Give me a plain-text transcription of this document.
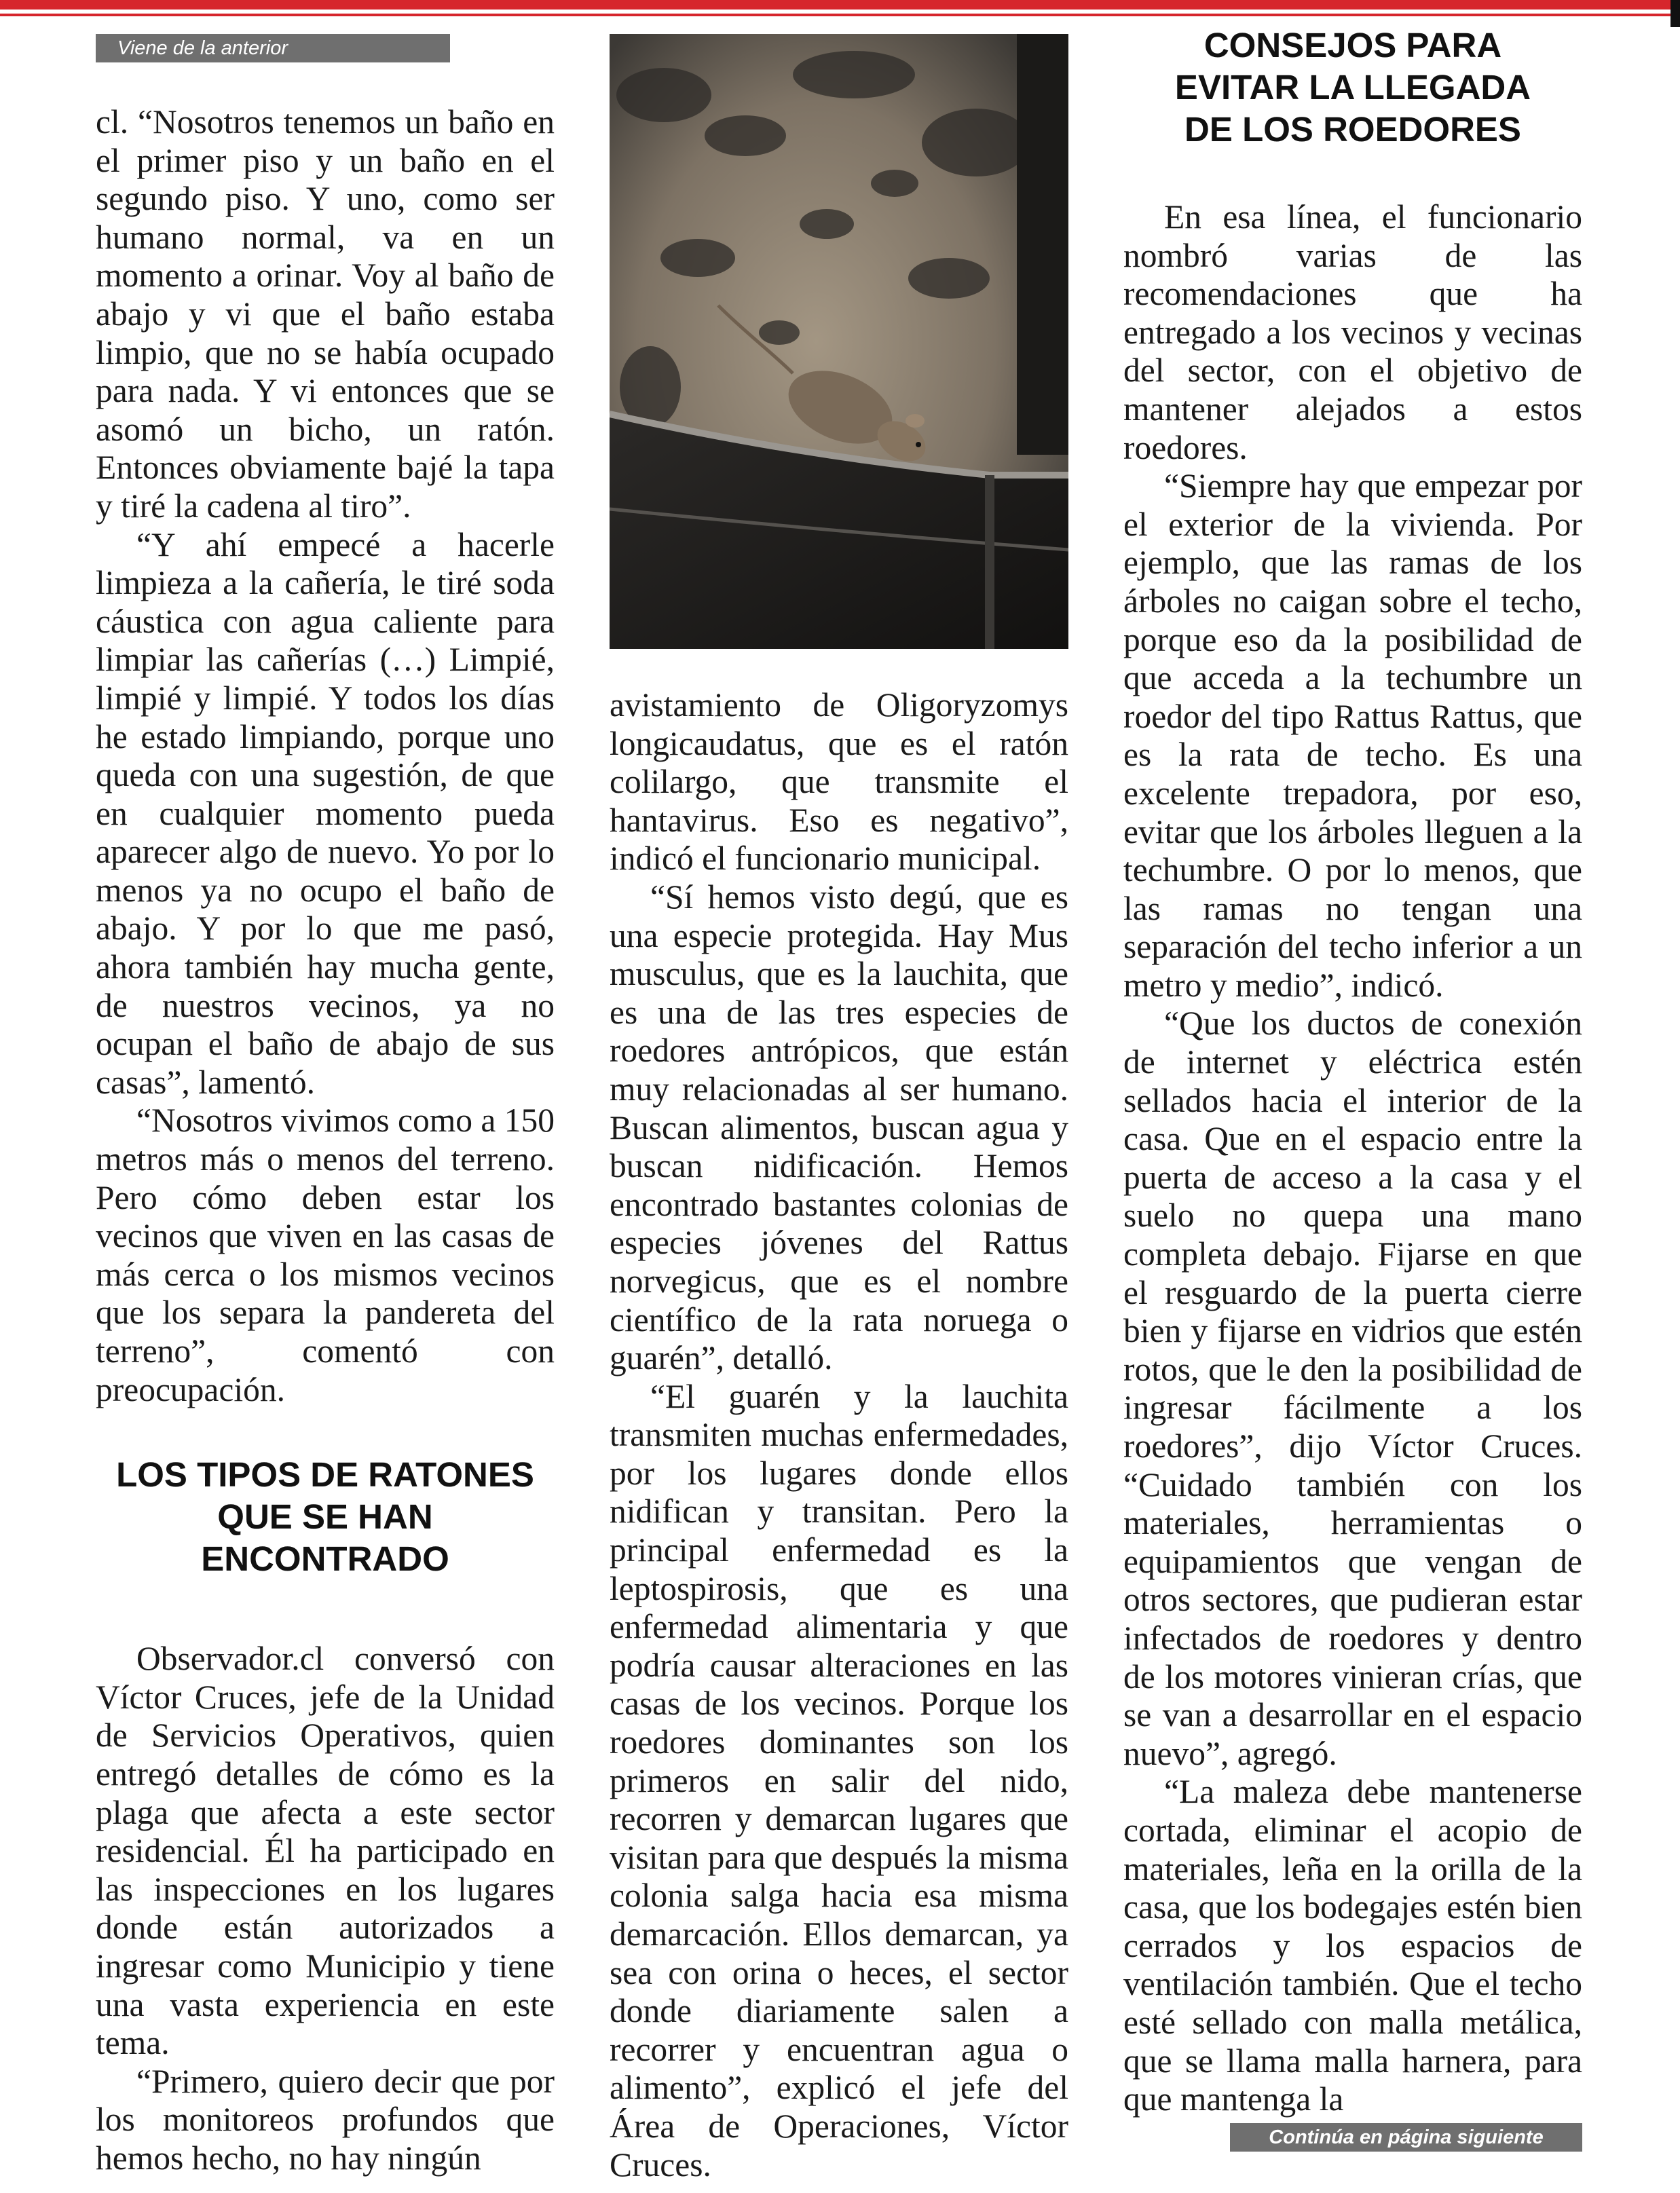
Viene de la anterior

cl. “Nosotros tenemos un baño en el primer piso y un baño en el segundo piso. Y uno, como ser humano normal, va en un momento a orinar. Voy al baño de abajo y vi que el baño estaba limpio, que no se había ocupado para nada. Y vi entonces que se asomó un bicho, un ratón. Entonces obviamente bajé la tapa y tiré la cadena al tiro”.

“Y ahí empecé a hacerle limpieza a la cañería, le tiré soda cáustica con agua caliente para limpiar las cañerías (…) Limpié, limpié y limpié. Y todos los días he estado limpiando, porque uno queda con una sugestión, de que en cualquier momento pueda aparecer algo de nuevo. Yo por lo menos ya no ocupo el baño de abajo. Y por lo que me pasó, ahora también hay mucha gente, de nuestros vecinos, ya no ocupan el baño de abajo de sus casas”, lamentó.

“Nosotros vivimos como a 150 metros más o menos del terreno. Pero cómo deben estar los vecinos que viven en las casas de más cerca o los mismos vecinos que los separa la pandereta del terreno”, comentó con preocupación.

LOS TIPOS DE RATONES QUE SE HAN ENCONTRADO

Observador.cl conversó con Víctor Cruces, jefe de la Unidad de Servicios Operativos, quien entregó detalles de cómo es la plaga que afecta a este sector residencial. Él ha participado en las inspecciones en los lugares donde están autorizados a ingresar como Municipio y tiene una vasta experiencia en este tema.

“Primero, quiero decir que por los monitoreos profundos que hemos hecho, no hay ningún

avistamiento de Oligoryzomys longicaudatus, que es el ratón colilargo, que transmite el hantavirus. Eso es negativo”, indicó el funcionario municipal.

“Sí hemos visto degú, que es una especie protegida. Hay Mus musculus, que es la lauchita, que es una de las tres especies de roedores antrópicos, que están muy relacionadas al ser humano. Buscan alimentos, buscan agua y buscan nidificación. Hemos encontrado bastantes colonias de especies jóvenes del Rattus norvegicus, que es el nombre científico de la rata noruega o guarén”, detalló.

“El guarén y la lauchita transmiten muchas enfermedades, por los lugares donde ellos nidifican y transitan. Pero la principal enfermedad es la leptospirosis, que es una enfermedad alimentaria y que podría causar alteraciones en las casas de los vecinos. Porque los roedores dominantes son los primeros en salir del nido, recorren y demarcan lugares que visitan para que después la misma colonia salga hacia esa misma demarcación. Ellos demarcan, ya sea con orina o heces, el sector donde diariamente salen a recorrer y encuentran agua o alimento”, explicó el jefe del Área de Operaciones, Víctor Cruces.

CONSEJOS PARA EVITAR LA LLEGADA DE LOS ROEDORES

En esa línea, el funcionario nombró varias de las recomendaciones que ha entregado a los vecinos y vecinas del sector, con el objetivo de mantener alejados a estos roedores.

“Siempre hay que empezar por el exterior de la vivienda. Por ejemplo, que las ramas de los árboles no caigan sobre el techo, porque eso da la posibilidad de que acceda a la techumbre un roedor del tipo Rattus Rattus, que es la rata de techo. Es una excelente trepadora, por eso, evitar que los árboles lleguen a la techumbre. O por lo menos, que las ramas no tengan una separación del techo inferior a un metro y medio”, indicó.

“Que los ductos de conexión de internet y eléctrica estén sellados hacia el interior de la casa. Que en el espacio entre la puerta de acceso a la casa y el suelo no quepa una mano completa debajo. Fijarse en que el resguardo de la puerta cierre bien y fijarse en vidrios que estén rotos, que le den la posibilidad de ingresar fácilmente a los roedores”, dijo Víctor Cruces. “Cuidado también con los materiales, herramientas o equipamientos que vengan de otros sectores, que pudieran estar infectados de roedores y dentro de los motores vinieran crías, que se van a desarrollar en el espacio nuevo”, agregó.

“La maleza debe mantenerse cortada, eliminar el acopio de materiales, leña en la orilla de la casa, que los bodegajes estén bien cerrados y los espacios de ventilación también. Que el techo esté sellado con malla metálica, que se llama malla harnera, para que mantenga la

Continúa en página siguiente
